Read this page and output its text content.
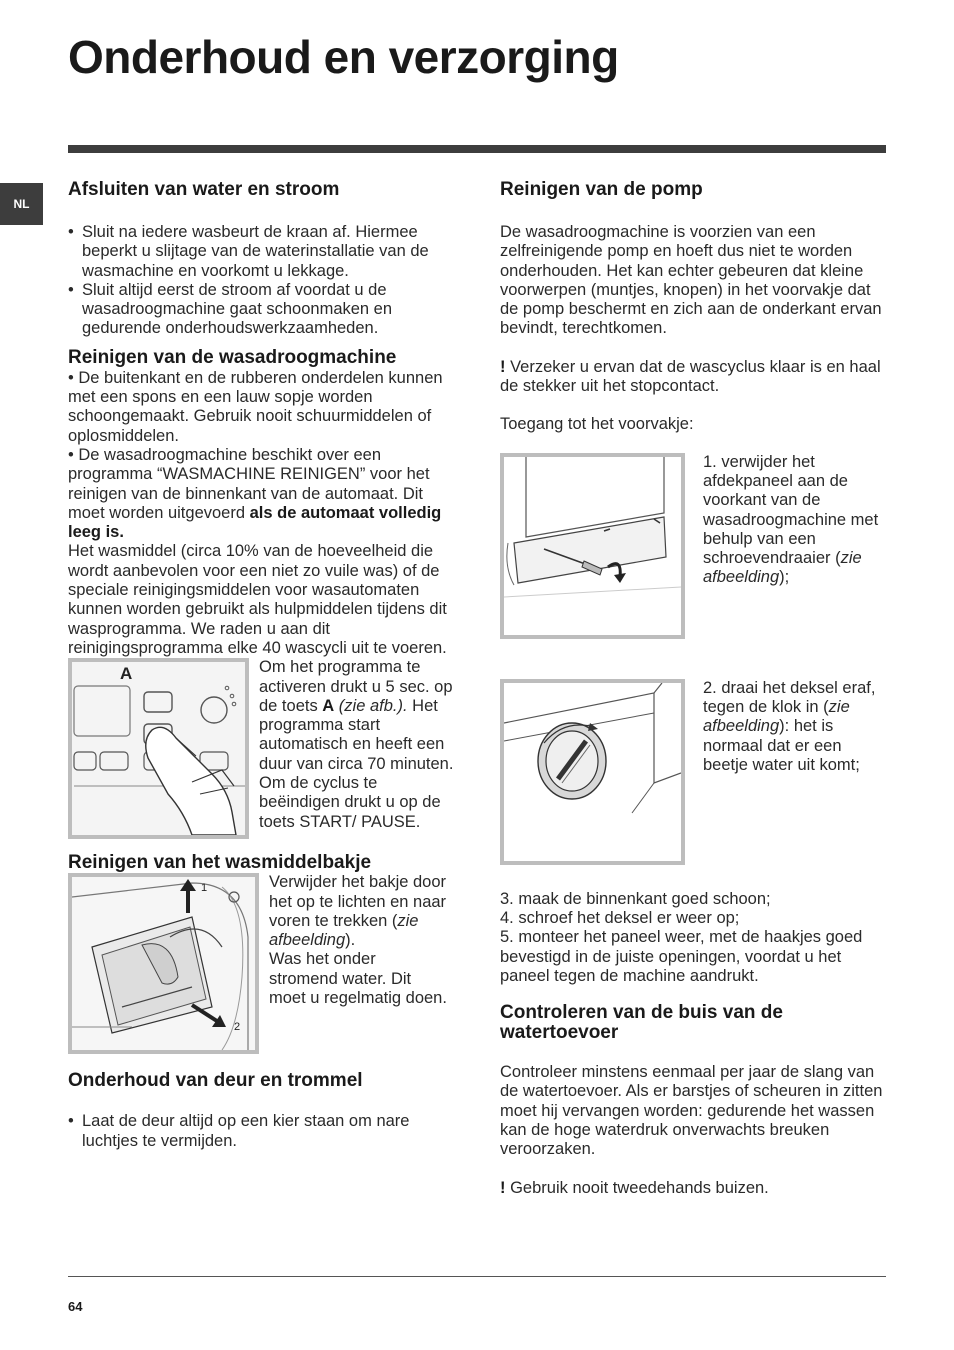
Onderhoud en verzorging
NL
Afsluiten van water en stroom
• Sluit na iedere wasbeurt de kraan af. Hiermee beperkt u slijtage van de waterinstallatie van de wasmachine en voorkomt u lekkage.
• Sluit altijd eerst de stroom af voordat u de wasadroogmachine gaat schoonmaken en gedurende onderhoudswerkzaamheden.
Reinigen van de wasadroogmachine

• De buitenkant en de rubberen onderdelen kunnen met een spons en een lauw sopje worden schoongemaakt. Gebruik nooit schuurmiddelen of oplosmiddelen.

• De wasadroogmachine beschikt over een programma “WASMACHINE REINIGEN” voor het reinigen van de binnenkant van de automaat. Dit moet worden uitgevoerd als de automaat volledig leeg is.

Het wasmiddel (circa 10% van de hoeveelheid die wordt aanbevolen voor een niet zo vuile was) of de speciale reinigingsmiddelen voor wasautomaten kunnen worden gebruikt als hulpmiddelen tijdens dit wasprogramma. We raden u aan dit reinigingsprogramma elke 40 wascycli uit te voeren.

A	Om het programma te activeren drukt u 5 sec. op de toets A (zie afb.). Het programma start automatisch en heeft een duur van circa 70 minuten. Om de cyclus te beëindigen drukt u op de toets START/ PAUSE.

Reinigen van het wasmiddelbakje
1
2

Verwijder het bakje door het op te lichten en naar voren te trekken (zie afbeelding).

Was het onder stromend water. Dit moet u regelmatig doen.

Onderhoud van deur en trommel
• Laat de deur altijd op een kier staan om nare luchtjes te vermijden.
Reinigen van de pomp

De wasadroogmachine is voorzien van een zelfreinigende pomp en hoeft dus niet te worden onderhouden. Het kan echter gebeuren dat kleine voorwerpen (muntjes, knopen) in het voorvakje dat de pomp beschermt en zich aan de onderkant ervan bevindt, terechtkomen.

! Verzeker u ervan dat de wascyclus klaar is en haal de stekker uit het stopcontact.

Toegang tot het voorvakje:

1. verwijder het afdekpaneel aan de voorkant van de wasadroogmachine met behulp van een schroevendraaier (zie afbeelding);

2. draai het deksel eraf, tegen de klok in (zie afbeelding): het is normaal dat er een beetje water uit komt;

3. maak de binnenkant goed schoon;

4. schroef het deksel er weer op;

5. monteer het paneel weer, met de haakjes goed bevestigd in de juiste openingen, voordat u het paneel tegen de machine aandrukt.

Controleren van de buis van de watertoevoer

Controleer minstens eenmaal per jaar de slang van de watertoevoer. Als er barstjes of scheuren in zitten moet hij vervangen worden: gedurende het wassen kan de hoge waterdruk onverwachts breuken veroorzaken.

! Gebruik nooit tweedehands buizen.

64
